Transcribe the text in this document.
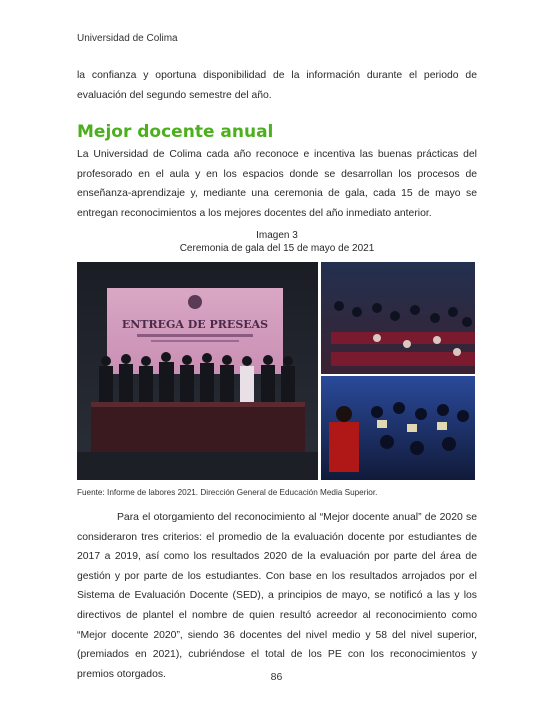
Universidad de Colima
la confianza y oportuna disponibilidad de la información durante el periodo de evaluación del segundo semestre del año.
Mejor docente anual
La Universidad de Colima cada año reconoce e incentiva las buenas prácticas del profesorado en el aula y en los espacios donde se desarrollan los procesos de enseñanza-aprendizaje y, mediante una ceremonia de gala, cada 15 de mayo se entregan reconocimientos a los mejores docentes del año inmediato anterior.
Imagen 3
Ceremonia de gala del 15 de mayo de 2021
ENTREGA DE PRESEAS
Fuente: Informe de labores 2021. Dirección General de Educación Media Superior.
Para el otorgamiento del reconocimiento al “Mejor docente anual” de 2020 se consideraron tres criterios: el promedio de la evaluación docente por estudiantes de 2017 a 2019, así como los resultados 2020 de la evaluación por parte del área de gestión y por parte de los estudiantes. Con base en los resultados arrojados por el Sistema de Evaluación Docente (SED), a principios de mayo, se notificó a las y los directivos de plantel el nombre de quien resultó acreedor al reconocimiento como “Mejor docente 2020”, siendo 36 docentes del nivel medio y 58 del nivel superior, (premiados en 2021), cubriéndose el total de los PE con los reconocimientos y premios otorgados.	86
